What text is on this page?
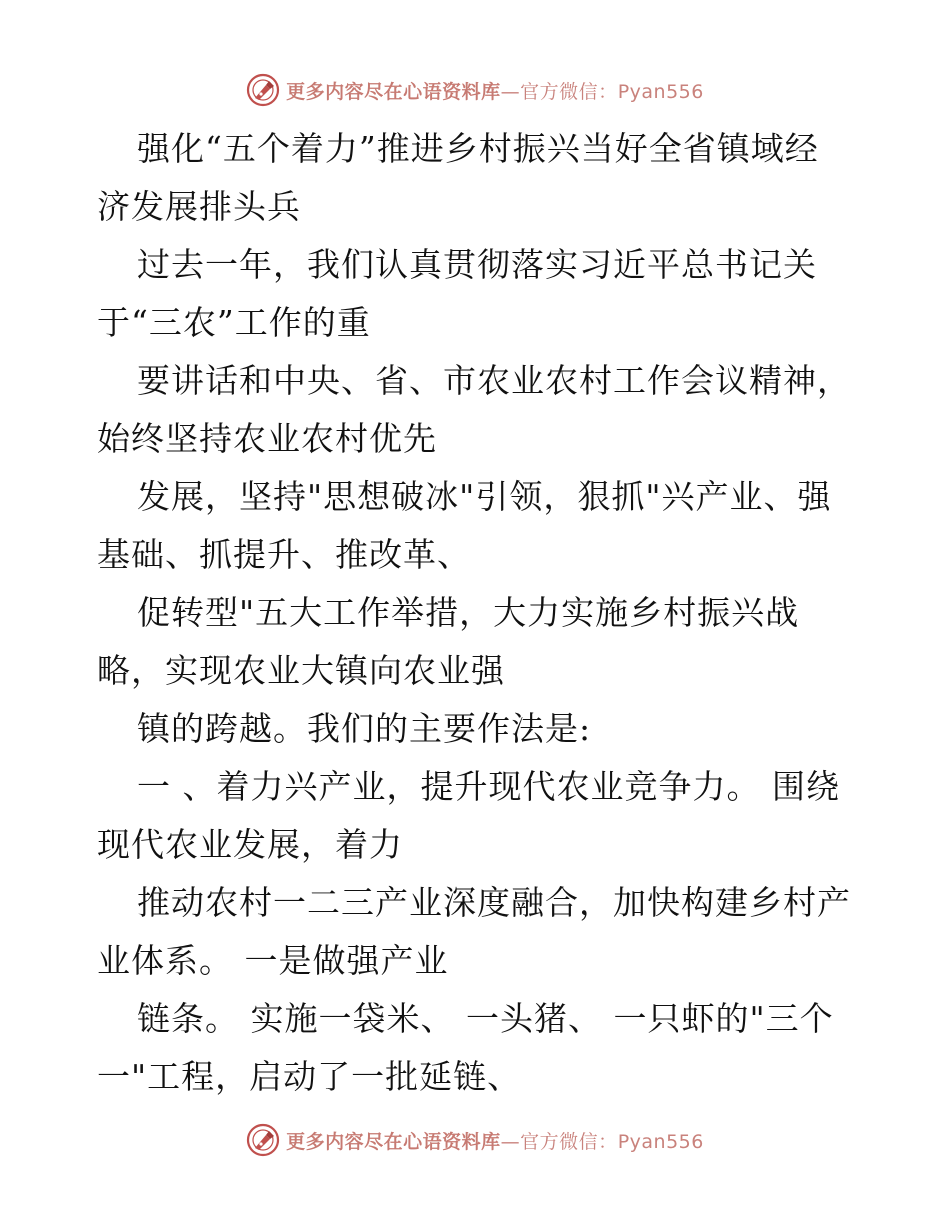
更多内容尽在心语资料库—官方微信：Pyan556
强化“五个着力”推进乡村振兴当好全省镇域经
济发展排头兵
过去一年，我们认真贯彻落实习近平总书记关
于“三农”工作的重
要讲话和中央、省、市农业农村工作会议精神，
始终坚持农业农村优先
发展，坚持"思想破冰"引领，狠抓"兴产业、强
基础、抓提升、推改革、
促转型"五大工作举措，大力实施乡村振兴战
略，实现农业大镇向农业强
镇的跨越。我们的主要作法是:
一 、着力兴产业，提升现代农业竞争力。 围绕
现代农业发展，着力
推动农村一二三产业深度融合，加快构建乡村产
业体系。 一是做强产业
链条。 实施一袋米、 一头猪、 一只虾的"三个
一"工程，启动了一批延链、
更多内容尽在心语资料库—官方微信：Pyan556
